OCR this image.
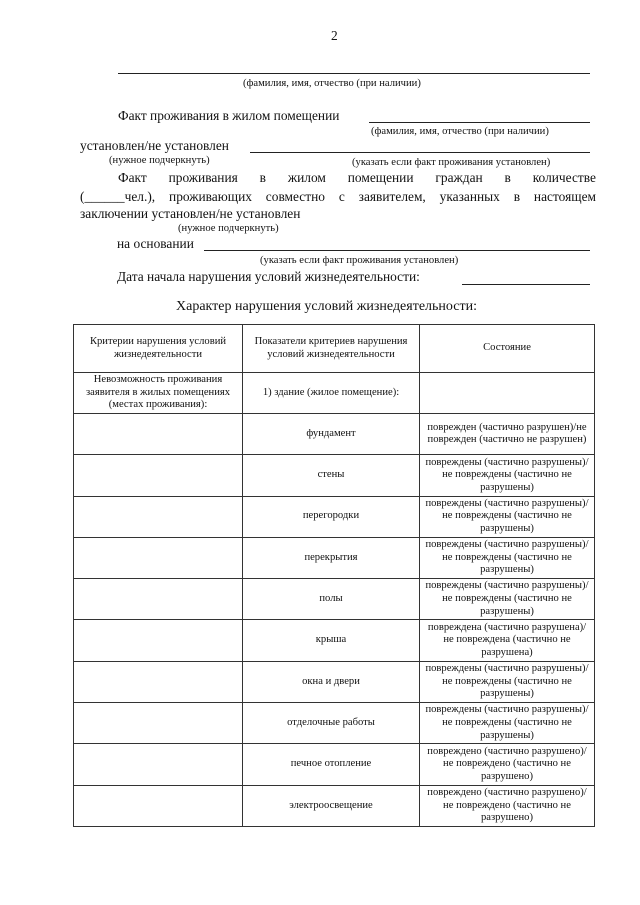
2
(фамилия, имя, отчество (при наличии)
Факт проживания в жилом помещении
(фамилия, имя, отчество (при наличии)
установлен/не установлен
(нужное подчеркнуть)	(указать если факт проживания установлен)
Факт проживания в жилом помещении граждан в количестве
(______чел.), проживающих совместно с заявителем, указанных в настоящем
заключении установлен/не установлен
(нужное подчеркнуть)
на основании
(указать если факт проживания установлен)
Дата начала нарушения условий жизнедеятельности:
Характер нарушения условий жизнедеятельности:
Критерии нарушения условий жизнедеятельности	Показатели критериев нарушения условий жизнедеятельности	Состояние
Невозможность проживания заявителя в жилых помещениях (местах проживания):	1) здание (жилое помещение):	
	фундамент	поврежден (частично разрушен)/не поврежден (частично не разрушен)
	стены	повреждены (частично разрушены)/не повреждены (частично не разрушены)
	перегородки	повреждены (частично разрушены)/не повреждены (частично не разрушены)
	перекрытия	повреждены (частично разрушены)/не повреждены (частично не разрушены)
	полы	повреждены (частично разрушены)/не повреждены (частично не разрушены)
	крыша	повреждена (частично разрушена)/не повреждена (частично не разрушена)
	окна и двери	повреждены (частично разрушены)/не повреждены (частично не разрушены)
	отделочные работы	повреждены (частично разрушены)/не повреждены (частично не разрушены)
	печное отопление	повреждено (частично разрушено)/не повреждено (частично не разрушено)
	электроосвещение	повреждено (частично разрушено)/не повреждено (частично не разрушено)
